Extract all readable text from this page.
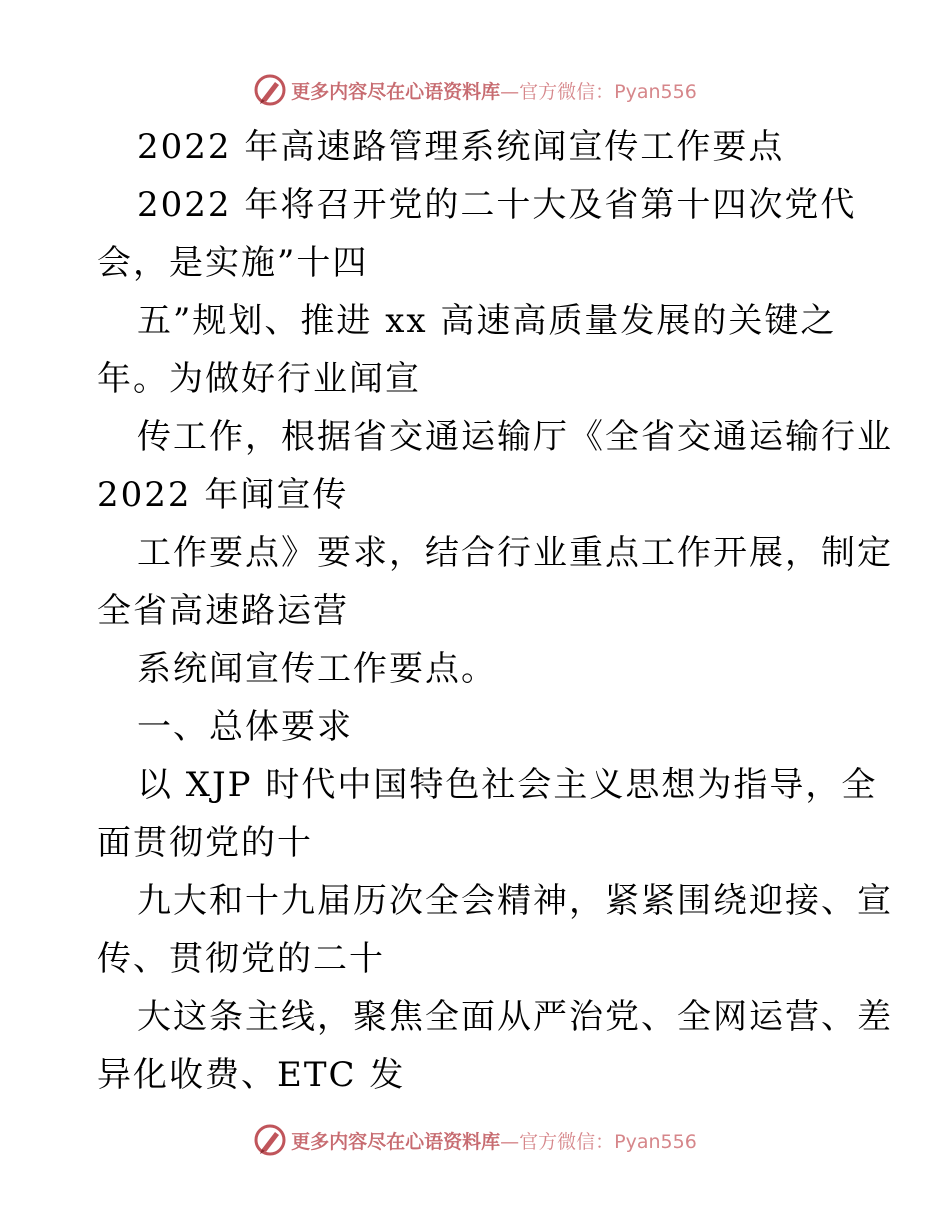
更多内容尽在心语资料库—官方微信：Pyan556
2022 年高速路管理系统闻宣传工作要点
2022 年将召开党的二十大及省第十四次党代
会，是实施”十四
五”规划、推进 xx 高速高质量发展的关键之
年。为做好行业闻宣
传工作，根据省交通运输厅《全省交通运输行业
2022 年闻宣传
工作要点》要求，结合行业重点工作开展，制定
全省高速路运营
系统闻宣传工作要点。
一、总体要求
以 XJP 时代中国特色社会主义思想为指导，全
面贯彻党的十
九大和十九届历次全会精神，紧紧围绕迎接、宣
传、贯彻党的二十
大这条主线，聚焦全面从严治党、全网运营、差
异化收费、ETC 发
更多内容尽在心语资料库—官方微信：Pyan556
